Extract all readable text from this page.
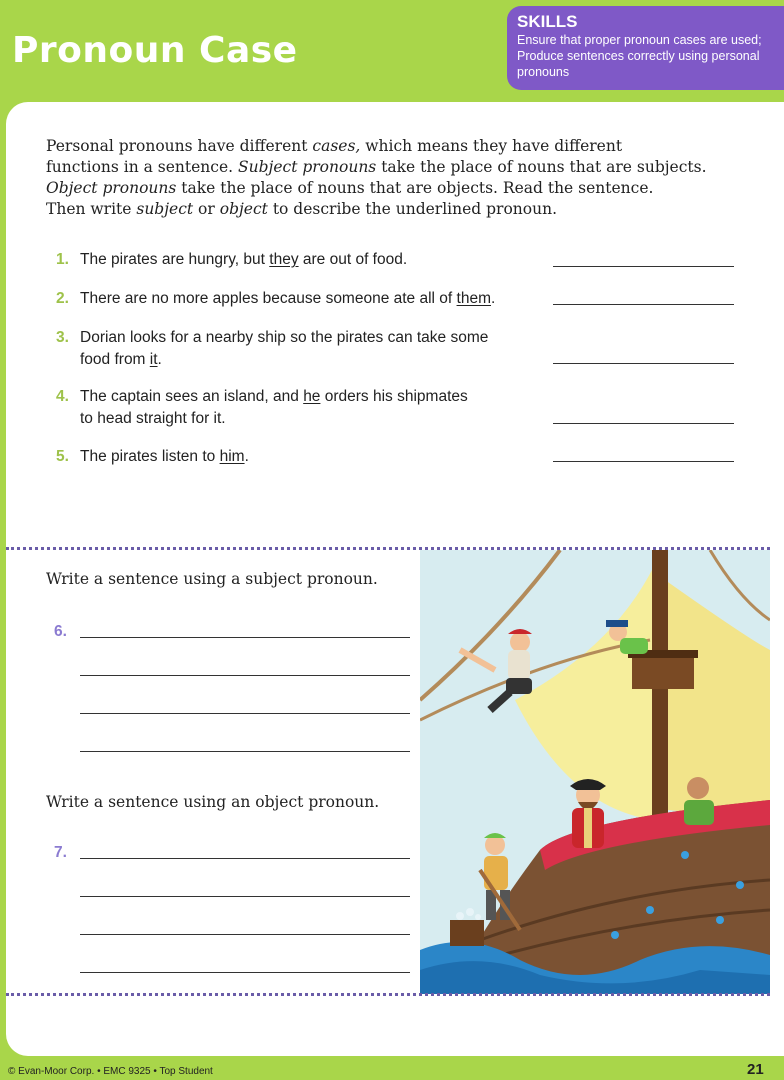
Pronoun Case
SKILLS
Ensure that proper pronoun cases are used;
Produce sentences correctly using personal
pronouns
Personal pronouns have different cases, which means they have different
functions in a sentence. Subject pronouns take the place of nouns that are subjects.
Object pronouns take the place of nouns that are objects. Read the sentence.
Then write subject or object to describe the underlined pronoun.
1. The pirates are hungry, but they are out of food.
2. There are no more apples because someone ate all of them.
3. Dorian looks for a nearby ship so the pirates can take some
food from it.
4. The captain sees an island, and he orders his shipmates
to head straight for it.
5. The pirates listen to him.
Write a sentence using a subject pronoun.
6.
Write a sentence using an object pronoun.
7.
© Evan-Moor Corp. • EMC 9325 • Top Student	21
